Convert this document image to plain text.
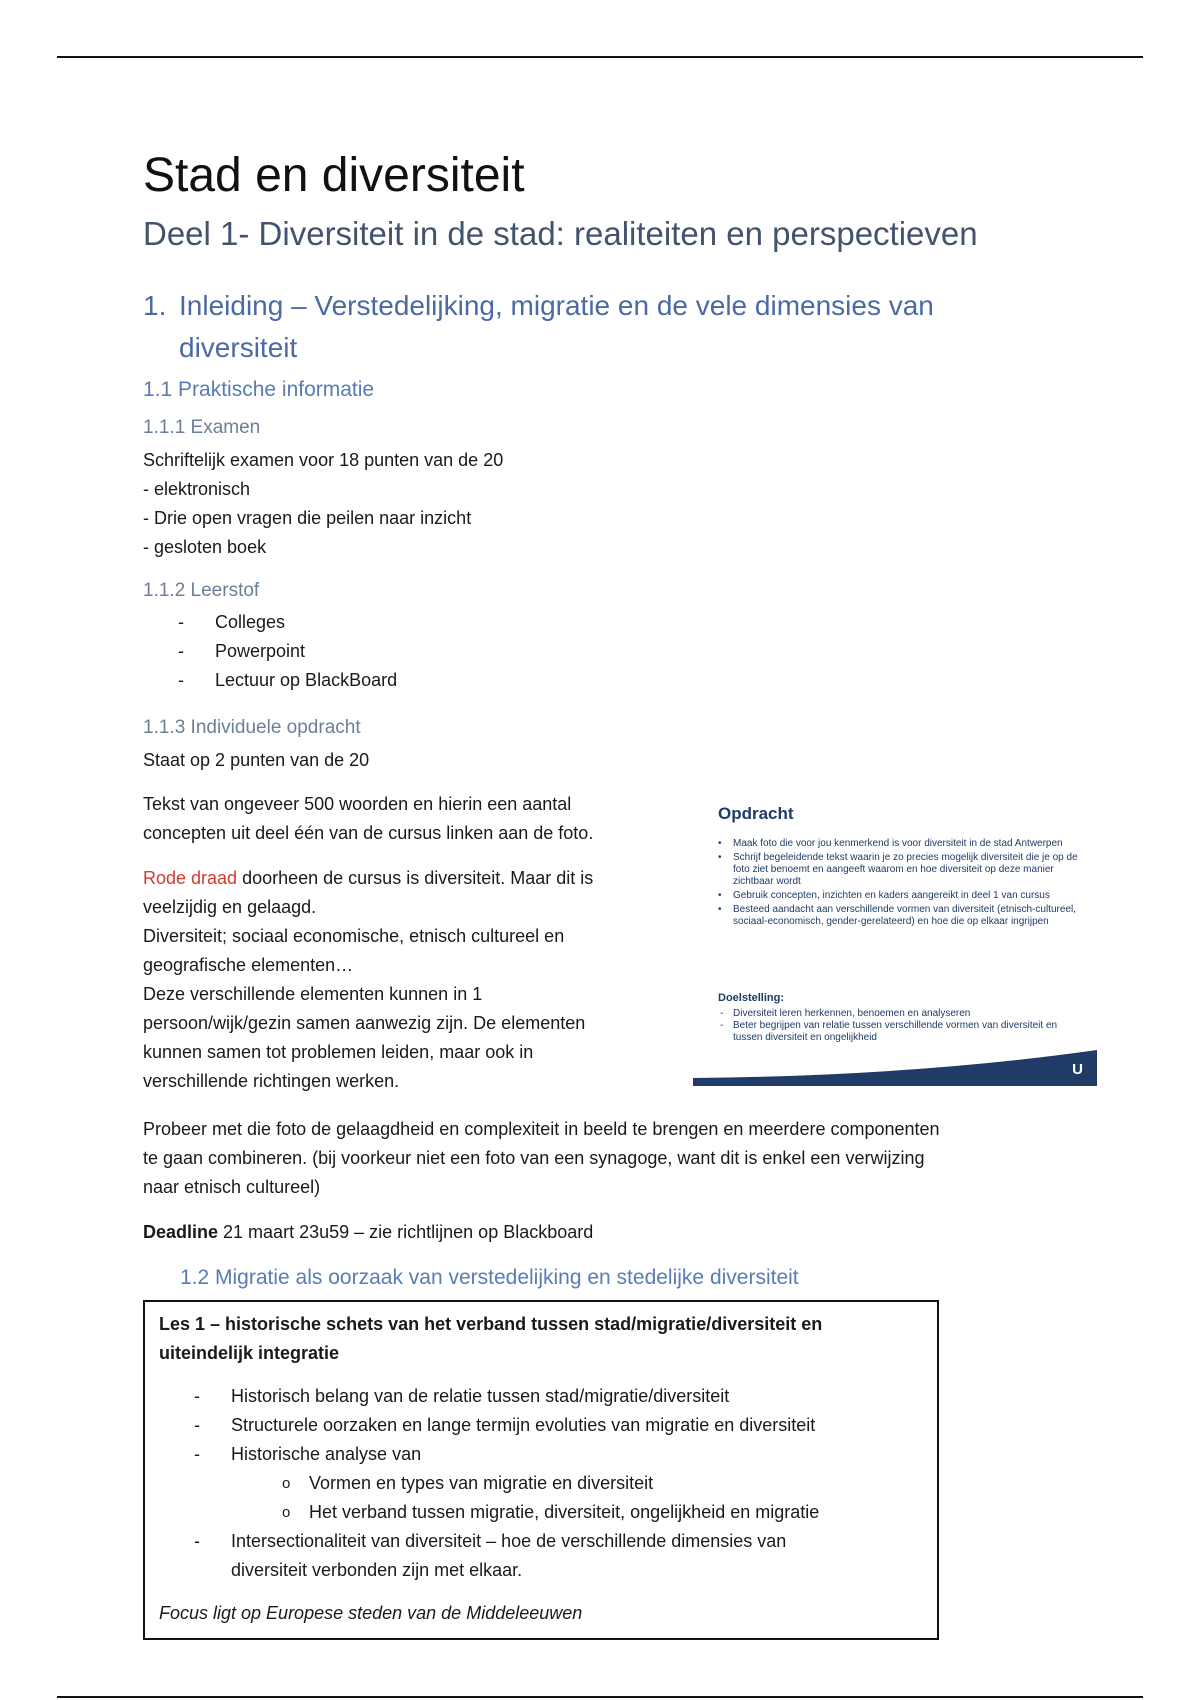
Stad en diversiteit
Deel 1- Diversiteit in de stad: realiteiten en perspectieven
1. Inleiding – Verstedelijking, migratie en de vele dimensies van
diversiteit
1.1 Praktische informatie
1.1.1 Examen
Schriftelijk examen voor 18 punten van de 20
- elektronisch
- Drie open vragen die peilen naar inzicht
- gesloten boek
1.1.2 Leerstof
- Colleges
- Powerpoint
- Lectuur op BlackBoard
1.1.3 Individuele opdracht
Staat op 2 punten van de 20
Tekst van ongeveer 500 woorden en hierin een aantal
concepten uit deel één van de cursus linken aan de foto.
Rode draad doorheen de cursus is diversiteit. Maar dit is
veelzijdig en gelaagd.
Diversiteit; sociaal economische, etnisch cultureel en
geografische elementen…
Deze verschillende elementen kunnen in 1
persoon/wijk/gezin samen aanwezig zijn. De elementen
kunnen samen tot problemen leiden, maar ook in
verschillende richtingen werken.
Opdracht
• Maak foto die voor jou kenmerkend is voor diversiteit in de stad Antwerpen
• Schrijf begeleidende tekst waarin je zo precies mogelijk diversiteit die je op de foto ziet benoemt en aangeeft waarom en hoe diversiteit op deze manier zichtbaar wordt
• Gebruik concepten, inzichten en kaders aangereikt in deel 1 van cursus
• Besteed aandacht aan verschillende vormen van diversiteit (etnisch-cultureel, sociaal-economisch, gender-gerelateerd) en hoe die op elkaar ingrijpen
Doelstelling:
- Diversiteit leren herkennen, benoemen en analyseren
- Beter begrijpen van relatie tussen verschillende vormen van diversiteit en tussen diversiteit en ongelijkheid
U
Probeer met die foto de gelaagdheid en complexiteit in beeld te brengen en meerdere componenten
te gaan combineren. (bij voorkeur niet een foto van een synagoge, want dit is enkel een verwijzing
naar etnisch cultureel)
Deadline 21 maart 23u59 – zie richtlijnen op Blackboard
1.2 Migratie als oorzaak van verstedelijking en stedelijke diversiteit
Les 1 – historische schets van het verband tussen stad/migratie/diversiteit en
uiteindelijk integratie
- Historisch belang van de relatie tussen stad/migratie/diversiteit
- Structurele oorzaken en lange termijn evoluties van migratie en diversiteit
- Historische analyse van
o Vormen en types van migratie en diversiteit
o Het verband tussen migratie, diversiteit, ongelijkheid en migratie
- Intersectionaliteit van diversiteit – hoe de verschillende dimensies van
diversiteit verbonden zijn met elkaar.
Focus ligt op Europese steden van de Middeleeuwen
